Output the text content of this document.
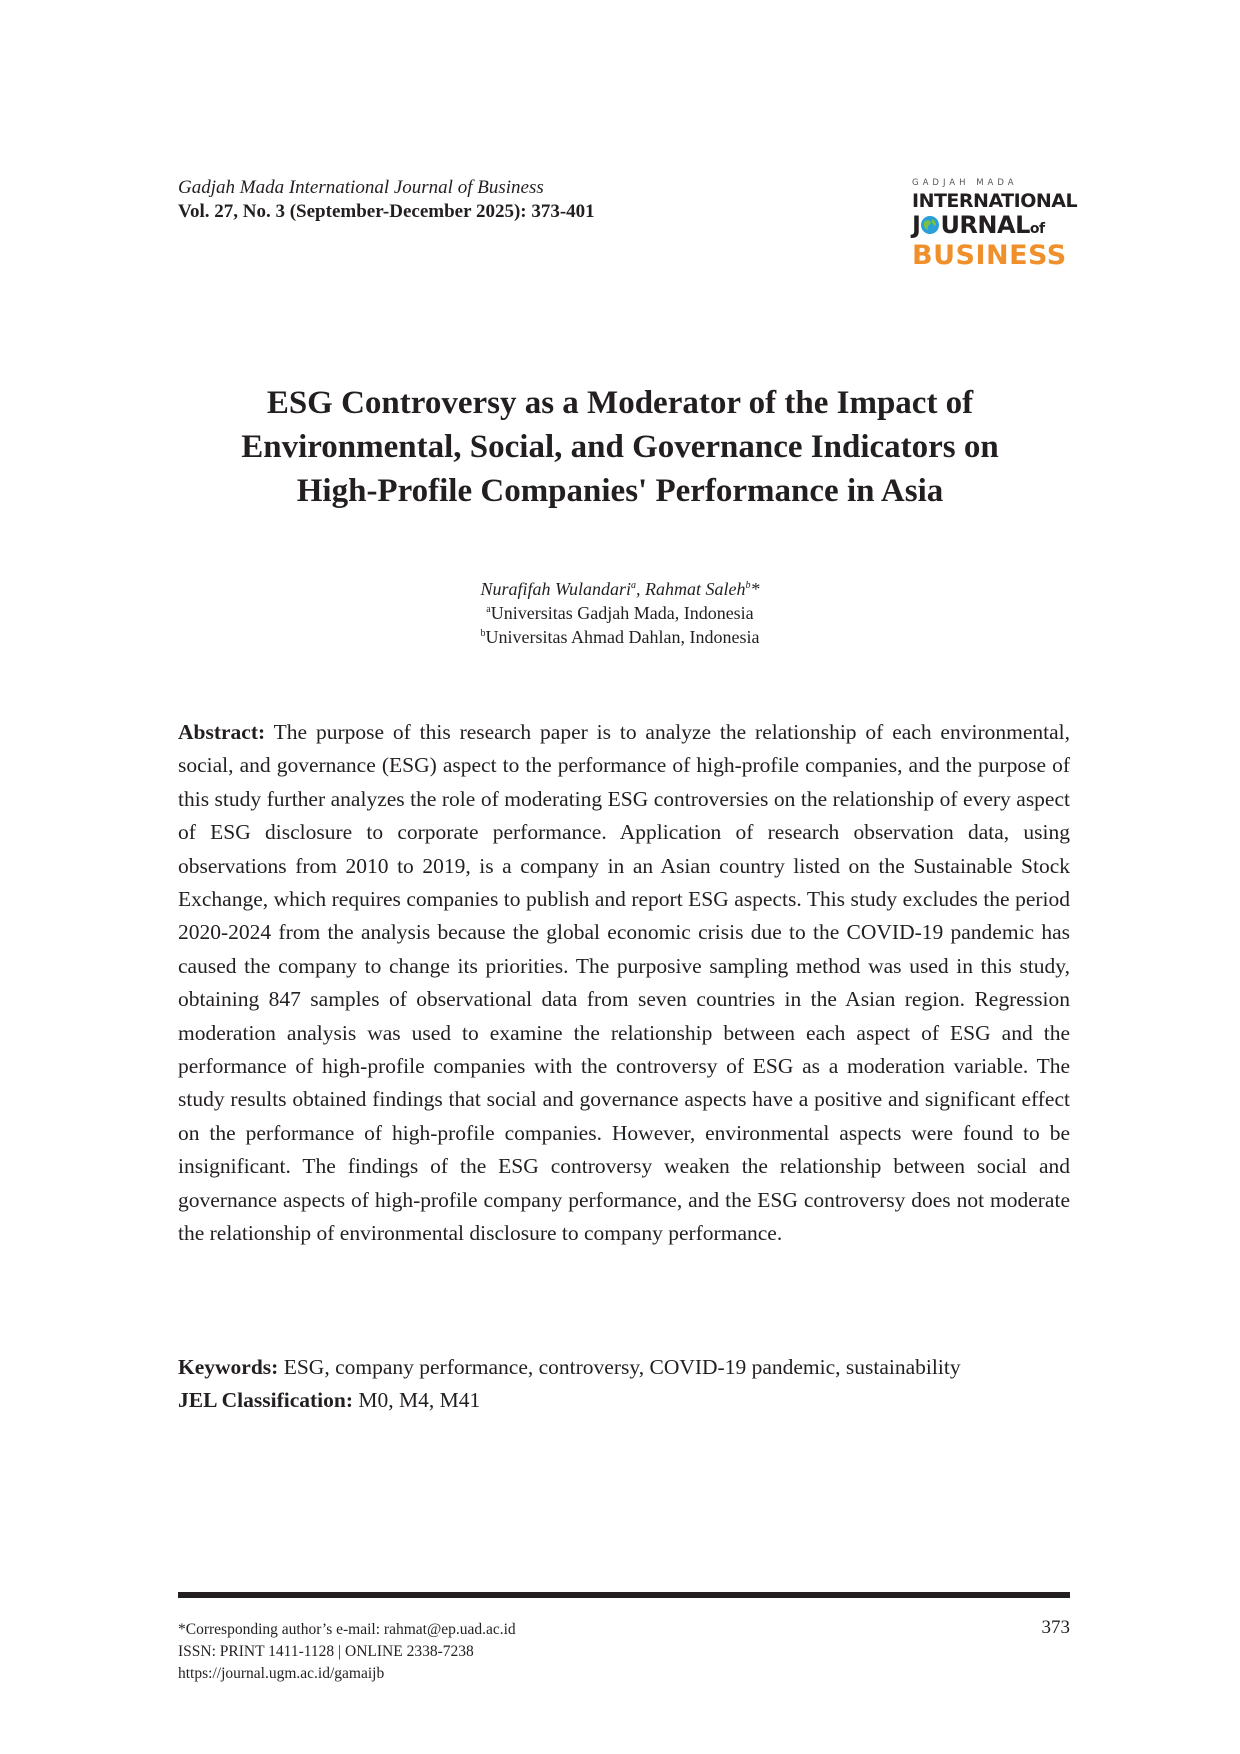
Gadjah Mada International Journal of Business
Vol. 27, No. 3 (September-December 2025): 373-401
GADJAH MADA
INTERNATIONAL
J URNALof
BUSINESS
ESG Controversy as a Moderator of the Impact of
Environmental, Social, and Governance Indicators on
High-Profile Companies' Performance in Asia
Nurafifah Wulandari$^a$, Rahmat Saleh$^b$*
$^a$Universitas Gadjah Mada, Indonesia
$^b$Universitas Ahmad Dahlan, Indonesia
Abstract: The purpose of this research paper is to analyze the relationship of each environmental, social, and governance (ESG) aspect to the performance of high-profile companies, and the purpose of this study further analyzes the role of moderating ESG controversies on the relationship of every aspect of ESG disclosure to corporate performance. Application of research observation data, using observations from 2010 to 2019, is a company in an Asian country listed on the Sustainable Stock Exchange, which requires companies to publish and report ESG aspects. This study excludes the period 2020-2024 from the analysis because the global economic crisis due to the COVID-19 pandemic has caused the company to change its priorities. The purposive sampling method was used in this study, obtaining 847 samples of observational data from seven countries in the Asian region. Regression moderation analysis was used to examine the relationship between each aspect of ESG and the performance of high-profile companies with the controversy of ESG as a moderation variable. The study results obtained findings that social and governance aspects have a positive and significant effect on the performance of high-profile companies. However, environmental aspects were found to be insignificant. The findings of the ESG controversy weaken the relationship between social and governance aspects of high-profile company performance, and the ESG controversy does not moderate the relationship of environmental disclosure to company performance.
Keywords: ESG, company performance, controversy, COVID-19 pandemic, sustainability
JEL Classification: M0, M4, M41
*Corresponding author’s e-mail: rahmat@ep.uad.ac.id
ISSN: PRINT 1411-1128 | ONLINE 2338-7238
https://journal.ugm.ac.id/gamaijb
373
